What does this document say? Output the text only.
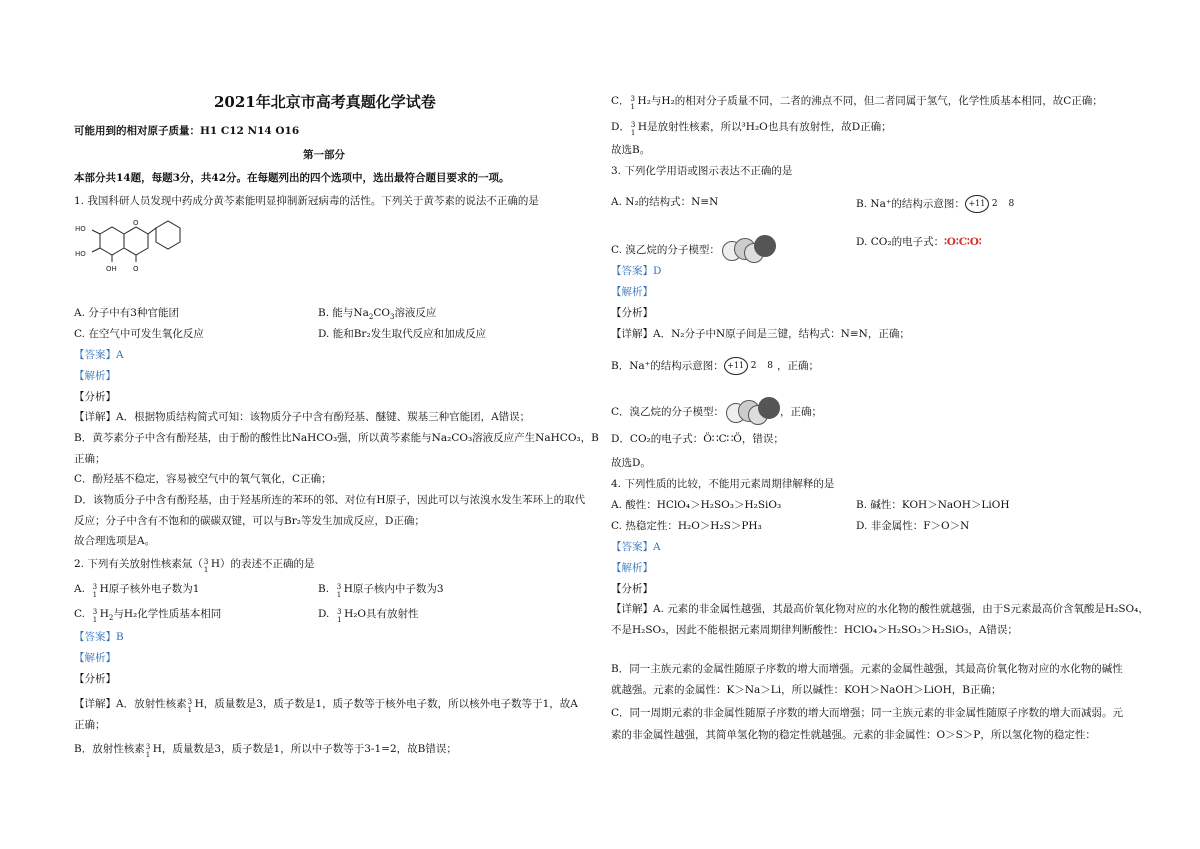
2021年北京市高考真题化学试卷
可能用到的相对原子质量：H1 C12 N14 O16
第一部分
本部分共14题，每题3分，共42分。在每题列出的四个选项中，选出最符合题目要求的一项。
1. 我国科研人员发现中药成分黄芩素能明显抑制新冠病毒的活性。下列关于黄芩素的说法不正确的是
HO
HO
OH O
O
A. 分子中有3种官能团	B. 能与$Na_2CO_3$溶液反应
C. 在空气中可发生氧化反应	D. 能和Br₂发生取代反应和加成反应
【答案】A
【解析】
【分析】
【详解】A．根据物质结构简式可知：该物质分子中含有酚羟基、醚键、羰基三种官能团，A错误；
B．黄芩素分子中含有酚羟基，由于酚的酸性比NaHCO₃强，所以黄芩素能与Na₂CO₃溶液反应产生NaHCO₃，B
正确；
C．酚羟基不稳定，容易被空气中的氧气氧化，C正确；
D．该物质分子中含有酚羟基，由于羟基所连的苯环的邻、对位有H原子，因此可以与浓溴水发生苯环上的取代
反应；分子中含有不饱和的碳碳双键，可以与Br₂等发生加成反应，D正确；
故合理选项是A。
2. 下列有关放射性核素氚（ 3
1 H）的表述不正确的是
A. 3
1 H原子核外电子数为1	B. 3
1 H原子核内中子数为3
C. 3
1 $H_2$与H₂化学性质基本相同	D. 3
1 H₂O具有放射性
【答案】B
【解析】
【分析】
【详解】A．放射性核素 3
1 H，质量数是3，质子数是1，质子数等于核外电子数，所以核外电子数等于1，故A
正确；
B．放射性核素 3
1 H，质量数是3，质子数是1，所以中子数等于3-1=2，故B错误；
C． 3
1 H₂与H₂的相对分子质量不同，二者的沸点不同，但二者同属于氢气，化学性质基本相同，故C正确；
D． 3
1 H是放射性核素，所以³H₂O也具有放射性，故D正确；
故选B。
3. 下列化学用语或图示表达不正确的是
A. N₂的结构式：N≡N	B. Na⁺的结构示意图： +11 2 8
C. 溴乙烷的分子模型：
D. CO₂的电子式：∶O∶C∶O∶
【答案】D
【解析】
【分析】
【详解】A．N₂分子中N原子间是三键，结构式：N≡N，正确；
B．Na⁺的结构示意图： +11 2 8，正确；
C．溴乙烷的分子模型：	，正确；
D．CO₂的电子式：Ö∷C∷Ö，错误；
故选D。
4. 下列性质的比较，不能用元素周期律解释的是
A. 酸性：HClO₄＞H₂SO₃＞H₂SiO₃	B. 碱性：KOH＞NaOH＞LiOH
C. 热稳定性：H₂O＞H₂S＞PH₃	D. 非金属性：F＞O＞N
【答案】A
【解析】
【分析】
【详解】A. 元素的非金属性越强，其最高价氧化物对应的水化物的酸性就越强，由于S元素最高价含氧酸是H₂SO₄，
不是H₂SO₃，因此不能根据元素周期律判断酸性：HClO₄＞H₂SO₃＞H₂SiO₃，A错误；
B．同一主族元素的金属性随原子序数的增大而增强。元素的金属性越强，其最高价氧化物对应的水化物的碱性
就越强。元素的金属性：K＞Na＞Li，所以碱性：KOH＞NaOH＞LiOH，B正确；
C．同一周期元素的非金属性随原子序数的增大而增强；同一主族元素的非金属性随原子序数的增大而减弱。元
素的非金属性越强，其简单氢化物的稳定性就越强。元素的非金属性：O＞S＞P，所以氢化物的稳定性：
